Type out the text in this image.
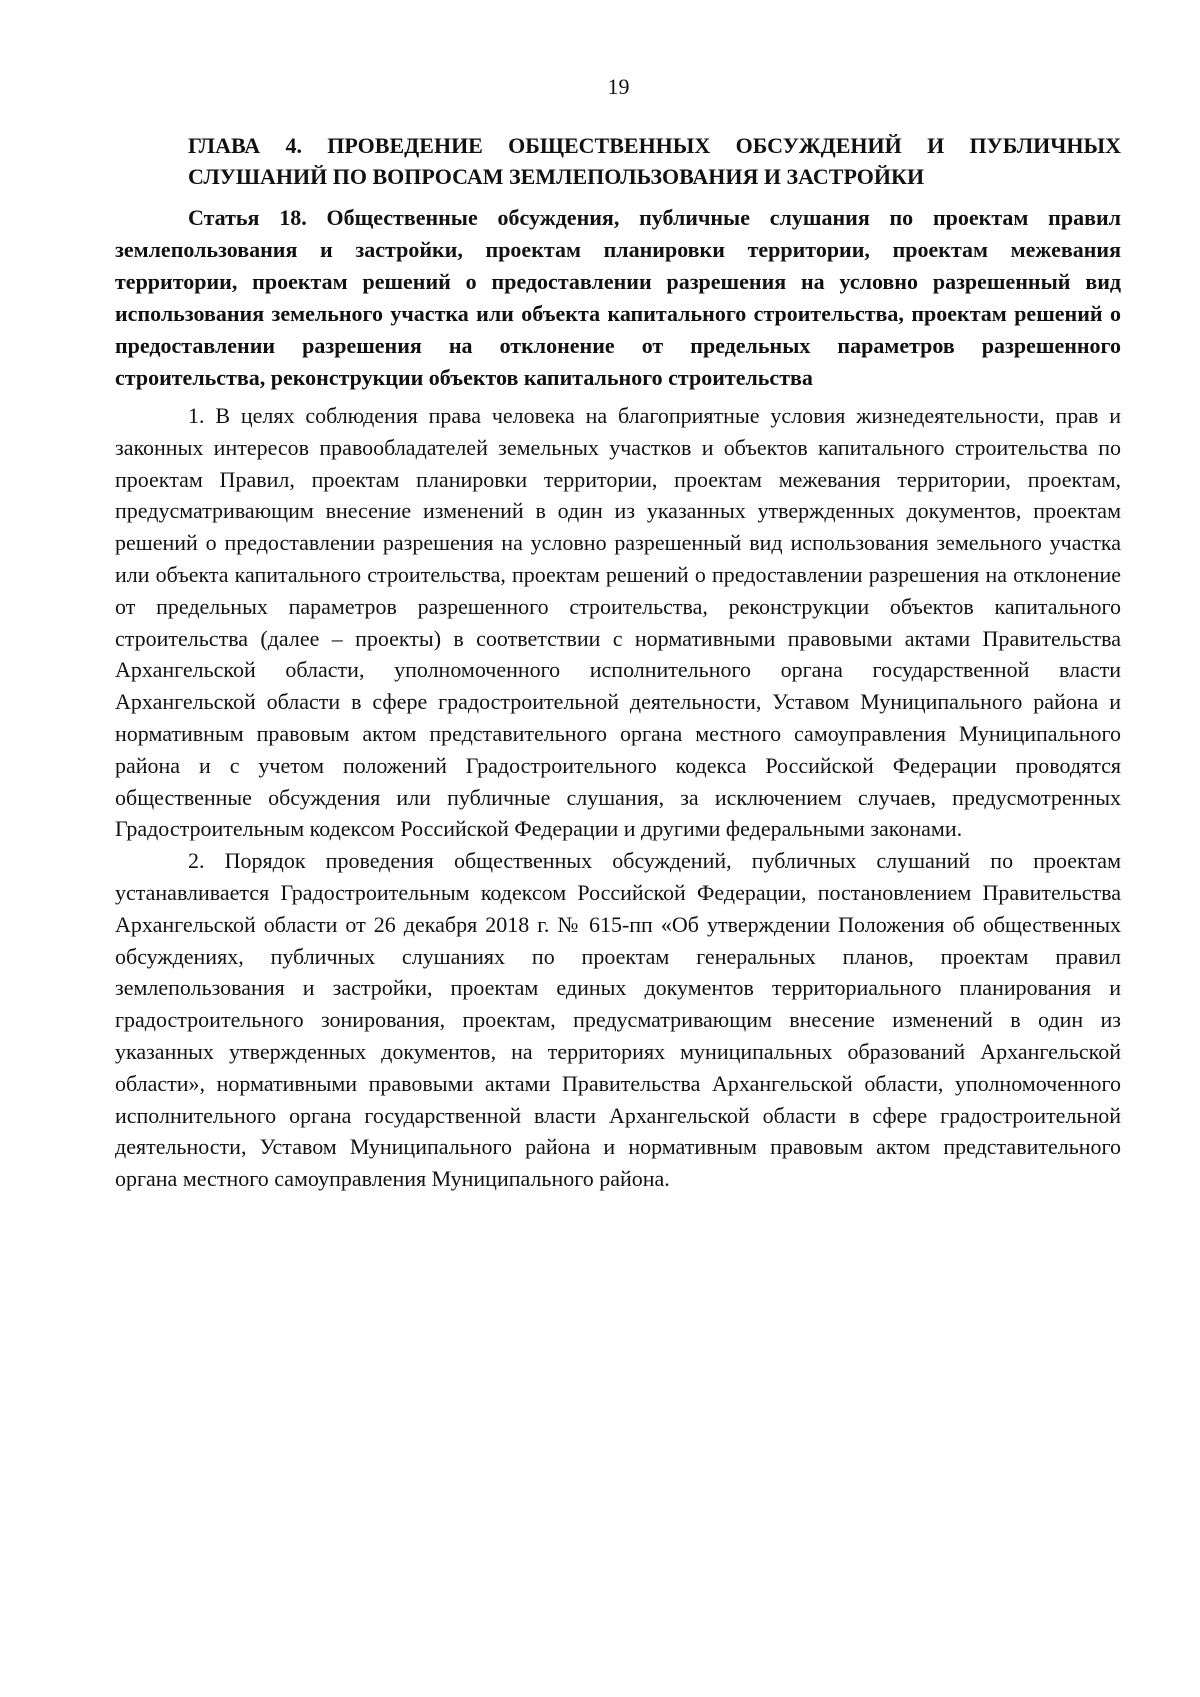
19
ГЛАВА 4. ПРОВЕДЕНИЕ ОБЩЕСТВЕННЫХ ОБСУЖДЕНИЙ И ПУБЛИЧНЫХ СЛУШАНИЙ ПО ВОПРОСАМ ЗЕМЛЕПОЛЬЗОВАНИЯ И ЗАСТРОЙКИ
Статья 18. Общественные обсуждения, публичные слушания по проектам правил землепользования и застройки, проектам планировки территории, проектам межевания территории, проектам решений о предоставлении разрешения на условно разрешенный вид использования земельного участка или объекта капитального строительства, проектам решений о предоставлении разрешения на отклонение от предельных параметров разрешенного строительства, реконструкции объектов капитального строительства

1. В целях соблюдения права человека на благоприятные условия жизнедеятельности, прав и законных интересов правообладателей земельных участков и объектов капитального строительства по проектам Правил, проектам планировки территории, проектам межевания территории, проектам, предусматривающим внесение изменений в один из указанных утвержденных документов, проектам решений о предоставлении разрешения на условно разрешенный вид использования земельного участка или объекта капитального строительства, проектам решений о предоставлении разрешения на отклонение от предельных параметров разрешенного строительства, реконструкции объектов капитального строительства (далее – проекты) в соответствии с нормативными правовыми актами Правительства Архангельской области, уполномоченного исполнительного органа государственной власти Архангельской области в сфере градостроительной деятельности, Уставом Муниципального района и нормативным правовым актом представительного органа местного самоуправления Муниципального района и с учетом положений Градостроительного кодекса Российской Федерации проводятся общественные обсуждения или публичные слушания, за исключением случаев, предусмотренных Градостроительным кодексом Российской Федерации и другими федеральными законами.

2. Порядок проведения общественных обсуждений, публичных слушаний по проектам устанавливается Градостроительным кодексом Российской Федерации, постановлением Правительства Архангельской области от 26 декабря 2018 г. № 615-пп «Об утверждении Положения об общественных обсуждениях, публичных слушаниях по проектам генеральных планов, проектам правил землепользования и застройки, проектам единых документов территориального планирования и градостроительного зонирования, проектам, предусматривающим внесение изменений в один из указанных утвержденных документов, на территориях муниципальных образований Архангельской области», нормативными правовыми актами Правительства Архангельской области, уполномоченного исполнительного органа государственной власти Архангельской области в сфере градостроительной деятельности, Уставом Муниципального района и нормативным правовым актом представительного органа местного самоуправления Муниципального района.
